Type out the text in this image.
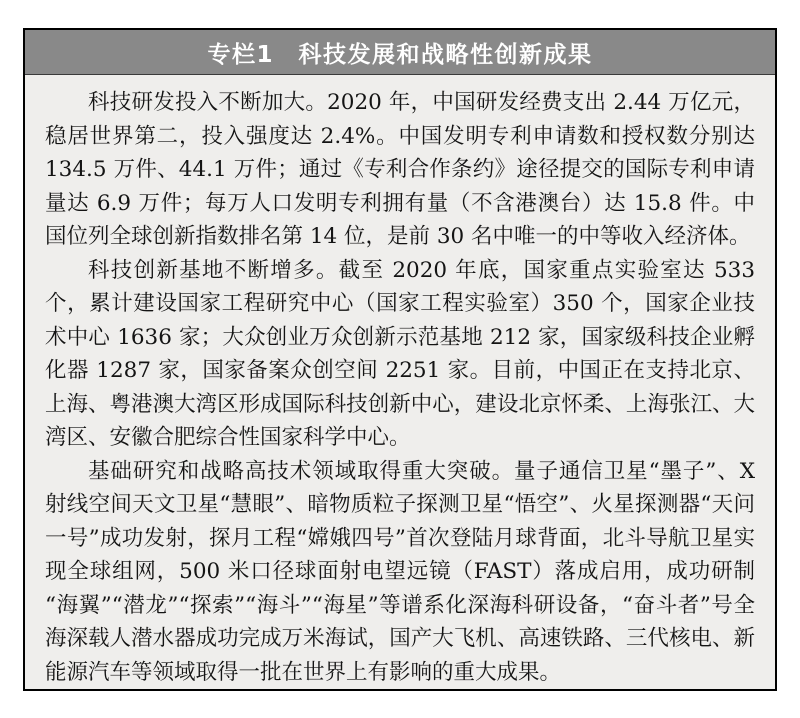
专栏1　科技发展和战略性创新成果

科技研发投入不断加大。2020 年，中国研发经费支出 2.44 万亿元，稳居世界第二，投入强度达 2.4%。中国发明专利申请数和授权数分别达 134.5 万件、44.1 万件；通过《专利合作条约》途径提交的国际专利申请量达 6.9 万件；每万人口发明专利拥有量（不含港澳台）达 15.8 件。中国位列全球创新指数排名第 14 位，是前 30 名中唯一的中等收入经济体。

科技创新基地不断增多。截至 2020 年底，国家重点实验室达 533 个，累计建设国家工程研究中心（国家工程实验室）350 个，国家企业技术中心 1636 家；大众创业万众创新示范基地 212 家，国家级科技企业孵化器 1287 家，国家备案众创空间 2251 家。目前，中国正在支持北京、上海、粤港澳大湾区形成国际科技创新中心，建设北京怀柔、上海张江、大湾区、安徽合肥综合性国家科学中心。

基础研究和战略高技术领域取得重大突破。量子通信卫星“墨子”、X 射线空间天文卫星“慧眼”、暗物质粒子探测卫星“悟空”、火星探测器“天问一号”成功发射，探月工程“嫦娥四号”首次登陆月球背面，北斗导航卫星实现全球组网，500 米口径球面射电望远镜（FAST）落成启用，成功研制“海翼”“潜龙”“探索”“海斗”“海星”等谱系化深海科研设备，“奋斗者”号全海深载人潜水器成功完成万米海试，国产大飞机、高速铁路、三代核电、新能源汽车等领域取得一批在世界上有影响的重大成果。
